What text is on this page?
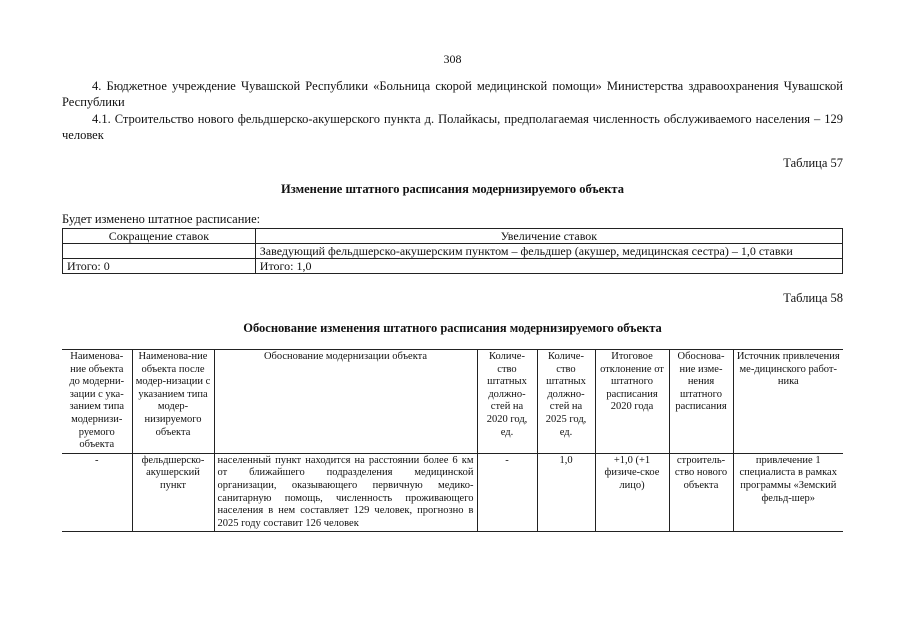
308
4. Бюджетное учреждение Чувашской Республики «Больница скорой медицинской помощи» Министерства здравоохранения Чувашской Республики
4.1. Строительство нового фельдшерско-акушерского пункта д. Полайкасы, предполагаемая численность обслуживаемого населения – 129 человек
Таблица 57
Изменение штатного расписания модернизируемого объекта
Будет изменено штатное расписание:
Сокращение ставок	Увеличение ставок
	Заведующий фельдшерско-акушерским пунктом – фельдшер (акушер, медицинская сестра) – 1,0 ставки
Итого: 0	Итого: 1,0
Таблица 58
Обоснование изменения штатного расписания модернизируемого объекта
Наименова-ние объекта до модерни-зации с ука-занием типа модернизи-руемого объекта	Наименова-ние объекта после модер-низации с указанием типа модер-низируемого объекта	Обоснование модернизации объекта	Количе-ство штатных должно-стей на 2020 год, ед.	Количе-ство штатных должно-стей на 2025 год, ед.	Итоговое отклонение от штатного расписания 2020 года	Обоснова-ние изме-нения штатного расписания	Источник привлечения ме-дицинского работ-ника
-	фельдшерско-акушерский пункт	населенный пункт находится на расстоянии более 6 км от ближайшего подразделения медицинской организации, оказывающего первичную медико-санитарную помощь, численность проживающего населения в нем составляет 129 человек, прогнозно в 2025 году составит 126 человек	-	1,0	+1,0 (+1 физиче-ское лицо)	строитель-ство нового объекта	привлечение 1 специалиста в рамках программы «Земский фельд-шер»
